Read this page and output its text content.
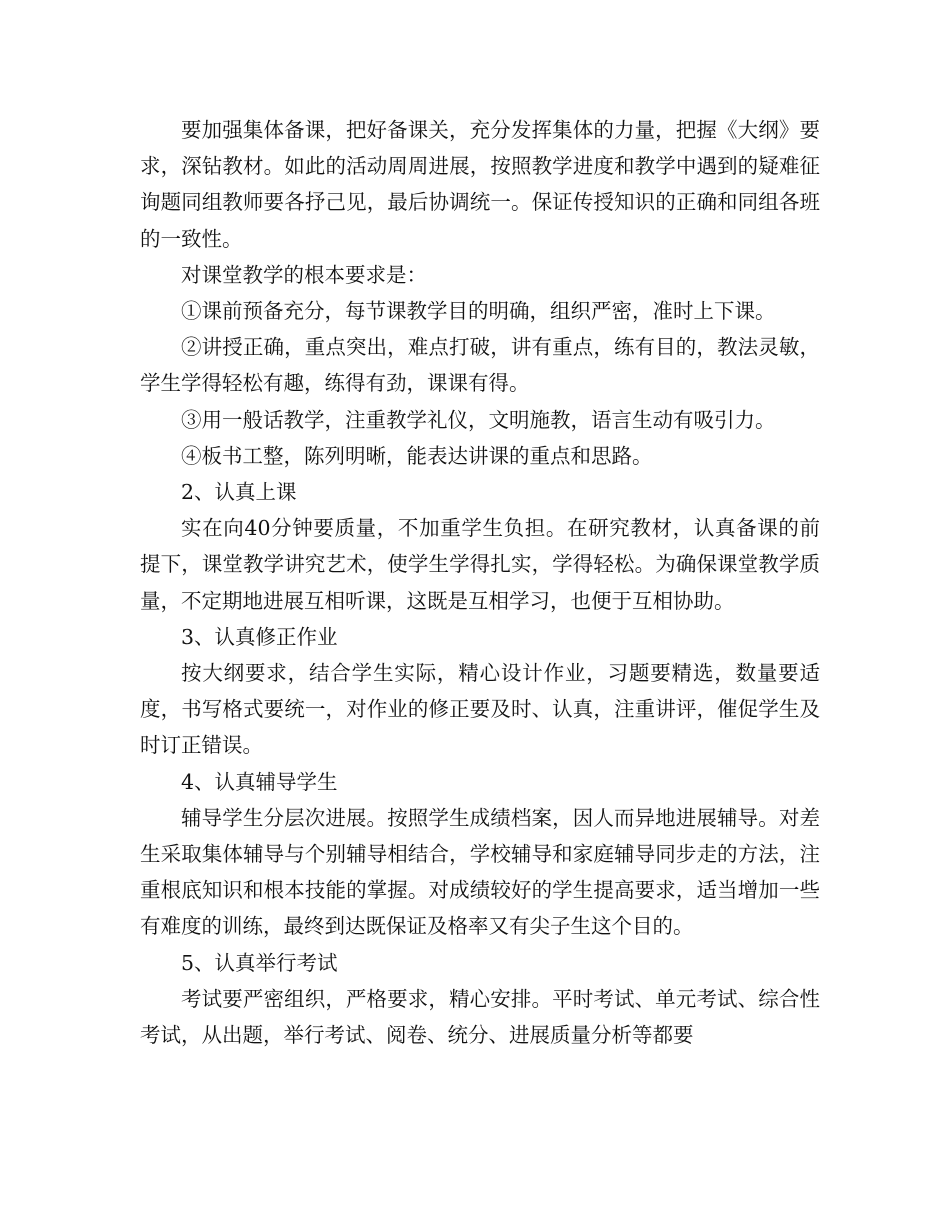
要加强集体备课，把好备课关，充分发挥集体的力量，把握《大纲》要求，深钻教材。如此的活动周周进展，按照教学进度和教学中遇到的疑难征询题同组教师要各抒己见，最后协调统一。保证传授知识的正确和同组各班的一致性。

对课堂教学的根本要求是：

①课前预备充分，每节课教学目的明确，组织严密，准时上下课。

②讲授正确，重点突出，难点打破，讲有重点，练有目的，教法灵敏，学生学得轻松有趣，练得有劲，课课有得。

③用一般话教学，注重教学礼仪，文明施教，语言生动有吸引力。

④板书工整，陈列明晰，能表达讲课的重点和思路。

2、认真上课

实在向40分钟要质量，不加重学生负担。在研究教材，认真备课的前提下，课堂教学讲究艺术，使学生学得扎实，学得轻松。为确保课堂教学质量，不定期地进展互相听课，这既是互相学习，也便于互相协助。

3、认真修正作业

按大纲要求，结合学生实际，精心设计作业，习题要精选，数量要适度，书写格式要统一，对作业的修正要及时、认真，注重讲评，催促学生及时订正错误。

4、认真辅导学生

辅导学生分层次进展。按照学生成绩档案，因人而异地进展辅导。对差生采取集体辅导与个别辅导相结合，学校辅导和家庭辅导同步走的方法，注重根底知识和根本技能的掌握。对成绩较好的学生提高要求，适当增加一些有难度的训练，最终到达既保证及格率又有尖子生这个目的。

5、认真举行考试

考试要严密组织，严格要求，精心安排。平时考试、单元考试、综合性考试，从出题，举行考试、阅卷、统分、进展质量分析等都要
